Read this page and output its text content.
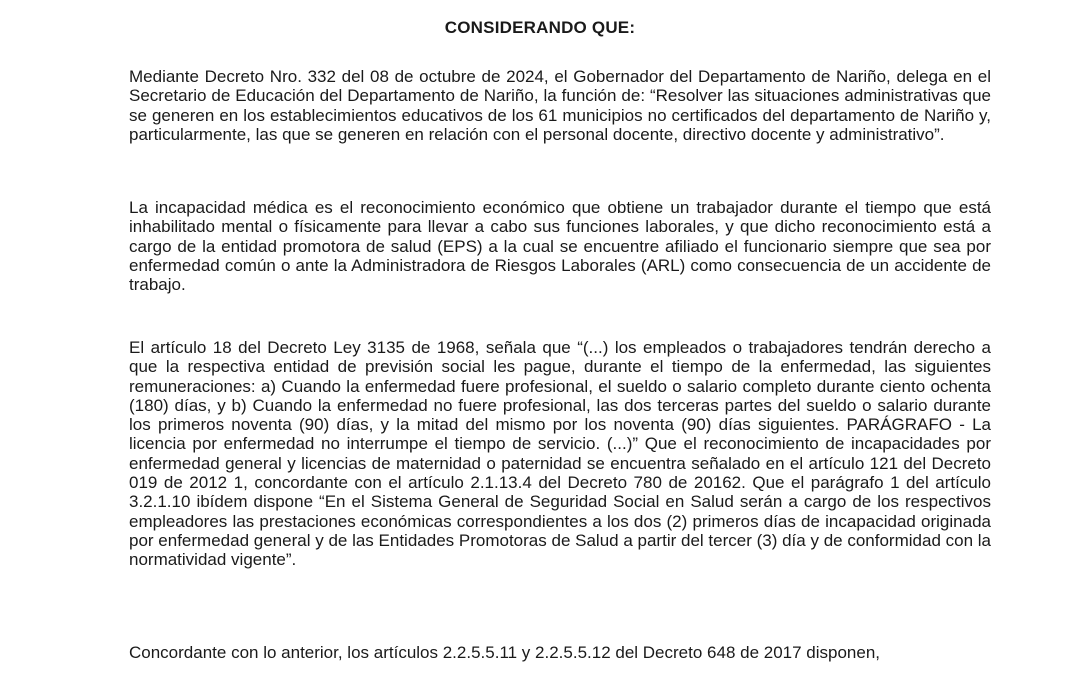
CONSIDERANDO QUE:

Mediante Decreto Nro. 332 del 08 de octubre de 2024, el Gobernador del Departamento de Nariño, delega en el Secretario de Educación del Departamento de Nariño, la función de: “Resolver las situaciones administrativas que se generen en los establecimientos educativos de los 61 municipios no certificados del departamento de Nariño y, particularmente, las que se generen en relación con el personal docente, directivo docente y administrativo”.

La incapacidad médica es el reconocimiento económico que obtiene un trabajador durante el tiempo que está inhabilitado mental o físicamente para llevar a cabo sus funciones laborales, y que dicho reconocimiento está a cargo de la entidad promotora de salud (EPS) a la cual se encuentre afiliado el funcionario siempre que sea por enfermedad común o ante la Administradora de Riesgos Laborales (ARL) como consecuencia de un accidente de trabajo.

El artículo 18 del Decreto Ley 3135 de 1968, señala que “(...) los empleados o trabajadores tendrán derecho a que la respectiva entidad de previsión social les pague, durante el tiempo de la enfermedad, las siguientes remuneraciones: a) Cuando la enfermedad fuere profesional, el sueldo o salario completo durante ciento ochenta (180) días, y b) Cuando la enfermedad no fuere profesional, las dos terceras partes del sueldo o salario durante los primeros noventa (90) días, y la mitad del mismo por los noventa (90) días siguientes. PARÁGRAFO - La licencia por enfermedad no interrumpe el tiempo de servicio. (...)” Que el reconocimiento de incapacidades por enfermedad general y licencias de maternidad o paternidad se encuentra señalado en el artículo 121 del Decreto 019 de 2012 1, concordante con el artículo 2.1.13.4 del Decreto 780 de 20162. Que el parágrafo 1 del artículo 3.2.1.10 ibídem dispone “En el Sistema General de Seguridad Social en Salud serán a cargo de los respectivos empleadores las prestaciones económicas correspondientes a los dos (2) primeros días de incapacidad originada por enfermedad general y de las Entidades Promotoras de Salud a partir del tercer (3) día y de conformidad con la normatividad vigente”.

Concordante con lo anterior, los artículos 2.2.5.5.11 y 2.2.5.5.12 del Decreto 648 de 2017 disponen,
